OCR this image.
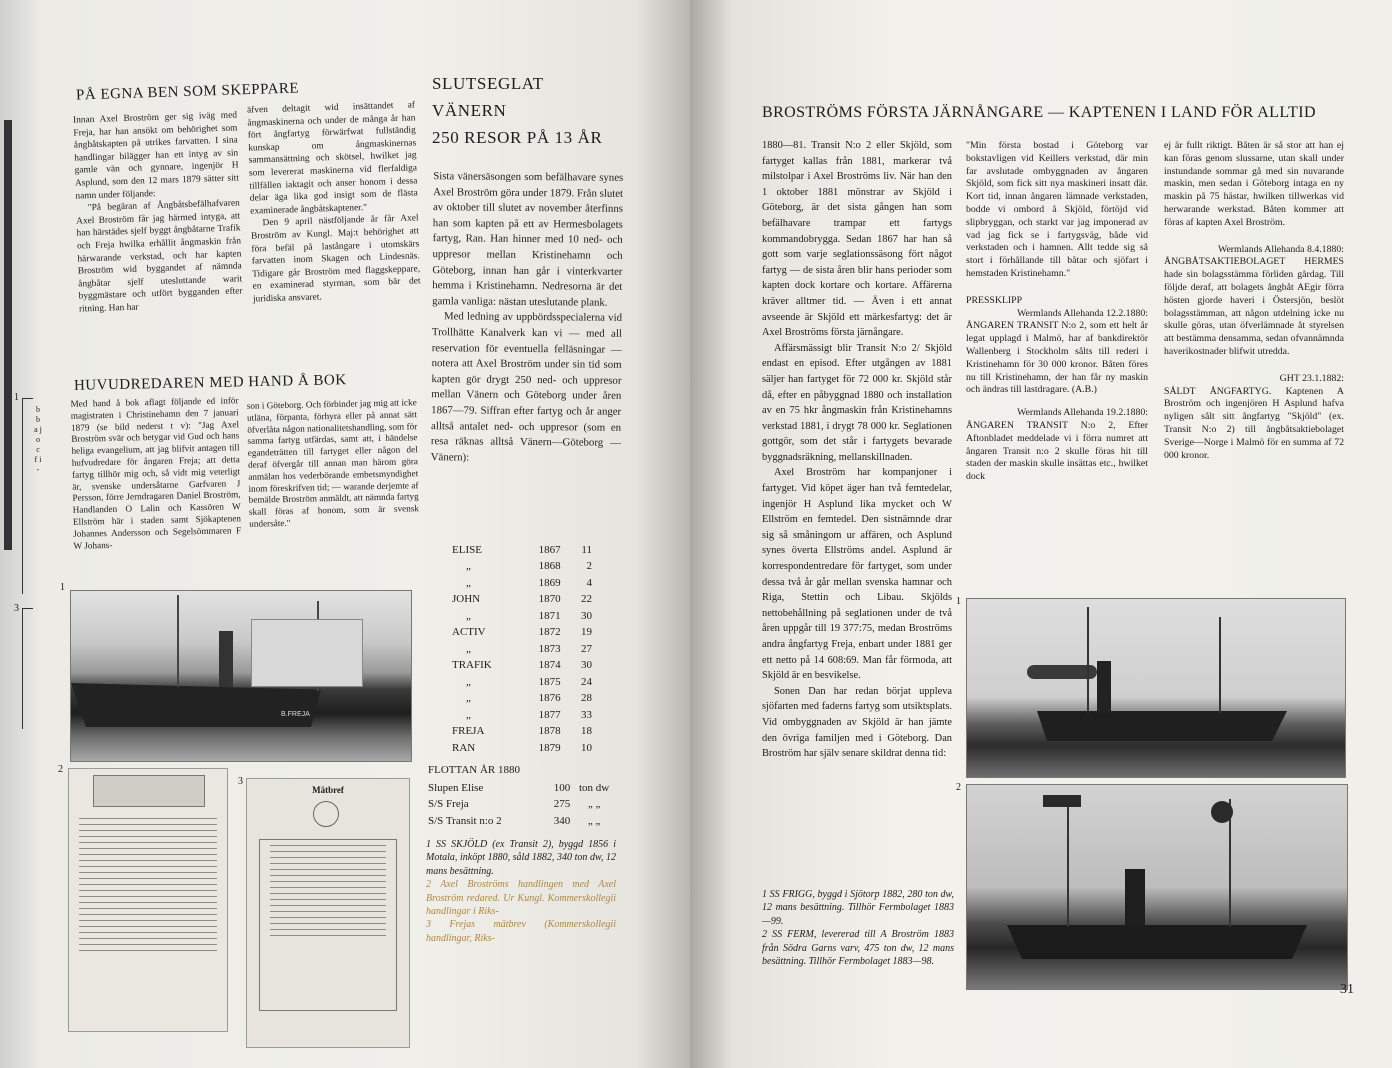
1
b b a j o c f i -
3
PÅ EGNA BEN SOM SKEPPARE

Innan Axel Broström ger sig iväg med Freja, har han ansökt om behörighet som ångbåtskapten på utrikes farvatten. I sina handlingar bilägger han ett intyg av sin gamle vän och gynnare, ingenjör H Asplund, som den 12 mars 1879 sätter sitt namn under följande:

"På begäran af Ångbåtsbefälhafvaren Axel Broström får jag härmed intyga, att han härstädes sjelf byggt ångbåtarne Trafik och Freja hwilka erhållit ångmaskin från härwarande verkstad, och har kapten Broström wid byggandet af nämnda ångbåtar sjelf utesluttande warit byggmästare och utfört bygganden efter ritning. Han har

äfven deltagit wid insättandet af ångmaskinerna och under de många år han fört ångfartyg förwärfwat fullständig kunskap om ångmaskinernas sammansättning och skötsel, hwilket jag som levererat maskinerna vid flerfaldiga tillfällen iaktagit och anser honom i dessa delar äga lika god insigt som de flästa examinerade ångbåtskaptener."

Den 9 april nästföljande år får Axel Broström av Kungl. Maj:t behörighet att föra befäl på lastångare i utomskärs farvatten inom Skagen och Lindesnäs. Tidigare går Broström med flaggskeppare, en examinerad styrman, som bär det juridiska ansvaret.

HUVUDREDAREN MED HAND Å BOK

Med hand å bok aflagt följande ed inför magistraten i Christinehamn den 7 januari 1879 (se bild nederst t v): "Jag Axel Broström svär och betygar vid Gud och hans heliga evangelium, att jag blifvit antagen till hufvudredare för ångaren Freja; att detta fartyg tillhör mig och, så vidt mig veterligt är, svenske undersåtarne Garfvaren J Persson, förre Jerndragaren Daniel Broström, Handlanden O Lalin och Kassören W Ellström här i staden samt Sjökaptenen Johannes Andersson och Segelsömmaren F W Johans-

son i Göteborg. Och förbinder jag mig att icke utläna, förpanta, förhyra eller på annat sätt öfverlåta någon nationalitetshandling, som för samma fartyg utfärdas, samt att, i händelse egandeträtten till fartyget eller någon del deraf öfvergår till annan man härom göra anmälan hos vederbörande embetsmyndighet inom föreskrifven tid; — warande derjemte af bemälde Broström anmäldt, att nämnda fartyg skall föras af honom, som är svensk undersåte."

1
B.FREJA
2
3
Mätbref
SLUTSEGLAT
VÄNERN
250 RESOR PÅ 13 ÅR

Sista vänersäsongen som befälhavare synes Axel Broström göra under 1879. Från slutet av oktober till slutet av november återfinns han som kapten på ett av Hermesbolagets fartyg, Ran. Han hinner med 10 ned- och uppresor mellan Kristinehamn och Göteborg, innan han går i vinterkvarter hemma i Kristinehamn. Nedresorna är det gamla vanliga: nästan uteslutande plank.

Med ledning av uppbördsspecialerna vid Trollhätte Kanalverk kan vi — med all reservation för eventuella felläsningar — notera att Axel Broström under sin tid som kapten gör drygt 250 ned- och uppresor mellan Vänern och Göteborg under åren 1867—79. Siffran efter fartyg och år anger alltså antalet ned- och uppresor (som en resa räknas alltså Vänern—Göteborg —Vänern):

ELISE	1867	11
„	1868	2
„	1869	4
JOHN	1870	22
„	1871	30
ACTIV	1872	19
„	1873	27
TRAFIK	1874	30
„	1875	24
„	1876	28
„	1877	33
FREJA	1878	18
RAN	1879	10
FLOTTAN ÅR 1880
Slupen Elise	100	ton dw
S/S Freja	275	„ „
S/S Transit n:o 2	340	„ „

1 SS SKJÖLD (ex Transit 2), byggd 1856 i Motala, inköpt 1880, såld 1882, 340 ton dw, 12 mans besättning.

2 Axel Broströms handlingen med Axel Broström redared. Ur Kungl. Kommerskollegii handlingar i Riks-

3 Frejas mätbrev (Kommerskollegii handlingar, Riks-

BROSTRÖMS FÖRSTA JÄRNÅNGARE — KAPTENEN I LAND FÖR ALLTID

1880—81. Transit N:o 2 eller Skjöld, som fartyget kallas från 1881, markerar två milstolpar i Axel Broströms liv. När han den 1 oktober 1881 mönstrar av Skjöld i Göteborg, är det sista gången han som befälhavare trampar ett fartygs kommandobrygga. Sedan 1867 har han så gott som varje seglationssäsong fört något fartyg — de sista åren blir hans perioder som kapten dock kortare och kortare. Affärerna kräver alltmer tid. — Även i ett annat avseende är Skjöld ett märkesfartyg: det är Axel Broströms första järnångare.

Affärsmässigt blir Transit N:o 2/ Skjöld endast en episod. Efter utgången av 1881 säljer han fartyget för 72 000 kr. Skjöld står då, efter en påbyggnad 1880 och installation av en 75 hkr ångmaskin från Kristinehamns verkstad 1881, i drygt 78 000 kr. Seglationen gottgör, som det står i fartygets bevarade byggnadsräkning, mellanskillnaden.

Axel Broström har kompanjoner i fartyget. Vid köpet äger han två femtedelar, ingenjör H Asplund lika mycket och W Ellström en femtedel. Den sistnämnde drar sig så småningom ur affären, och Asplund synes överta Ellströms andel. Asplund är korrespondentredare för fartyget, som under dessa två år går mellan svenska hamnar och Riga, Stettin och Libau. Skjölds nettobehållning på seglationen under de två åren uppgår till 19 377:75, medan Broströms andra ångfartyg Freja, enbart under 1881 ger ett netto på 14 608:69. Man får förmoda, att Skjöld är en besvikelse.

Sonen Dan har redan börjat uppleva sjöfarten med faderns fartyg som utsiktsplats. Vid ombyggnaden av Skjöld är han jämte den övriga familjen med i Göteborg. Dan Broström har själv senare skildrat denna tid:

1 SS FRIGG, byggd i Sjötorp 1882, 280 ton dw, 12 mans besättning. Tillhör Fermbolaget 1883—99.

2 SS FERM, levererad till A Broström 1883 från Södra Garns varv, 475 ton dw, 12 mans besättning. Tillhör Fermbolaget 1883—98.

"Min första bostad i Göteborg var bokstavligen vid Keillers verkstad, där min far avslutade ombyggnaden av ångaren Skjöld, som fick sitt nya maskineri insatt där. Kort tid, innan ångaren lämnade verkstaden, bodde vi ombord å Skjöld, förtöjd vid slipbryggan, och starkt var jag imponerad av vad jag fick se i fartygsväg, både vid verkstaden och i hamnen. Allt tedde sig så stort i förhållande till båtar och sjöfart i hemstaden Kristinehamn."

PRESSKLIPP

Wermlands Allehanda 12.2.1880:

ÅNGAREN TRANSIT N:o 2, som ett helt år legat upplagd i Malmö, har af bankdirektör Wallenberg i Stockholm sålts till rederi i Kristinehamn för 30 000 kronor. Båten föres nu till Kristinehamn, der han får ny maskin och ändras till lastdragare. (A.B.)

Wermlands Allehanda 19.2.1880:

ÅNGAREN TRANSIT N:o 2, Efter Aftonbladet meddelade vi i förra numret att ångaren Transit n:o 2 skulle föras hit till staden der maskin skulle insättas etc., hwilket dock

ej är fullt riktigt. Båten är så stor att han ej kan föras genom slussarne, utan skall under instundande sommar gå med sin nuvarande maskin, men sedan i Göteborg intaga en ny maskin på 75 hästar, hwilken tillwerkas vid herwarande werkstad. Båten kommer att föras af kapten Axel Broström.

Wermlands Allehanda 8.4.1880:

ÅNGBÅTSAKTIEBOLAGET HERMES hade sin bolagsstämma förliden gårdag. Till följde deraf, att bolagets ångbåt AEgir förra hösten gjorde haveri i Östersjön, beslöt bolagsstämman, att någon utdelning icke nu skulle göras, utan öfverlämnade åt styrelsen att bestämma densamma, sedan ofvannämnda haverikostnader blifwit utredda.

GHT 23.1.1882:

SÅLDT ÅNGFARTYG. Kaptenen A Broström och ingenjören H Asplund hafva nyligen sålt sitt ångfartyg "Skjöld" (ex. Transit N:o 2) till ångbåtsaktiebolaget Sverige—Norge i Malmö för en summa af 72 000 kronor.

1
2
31
